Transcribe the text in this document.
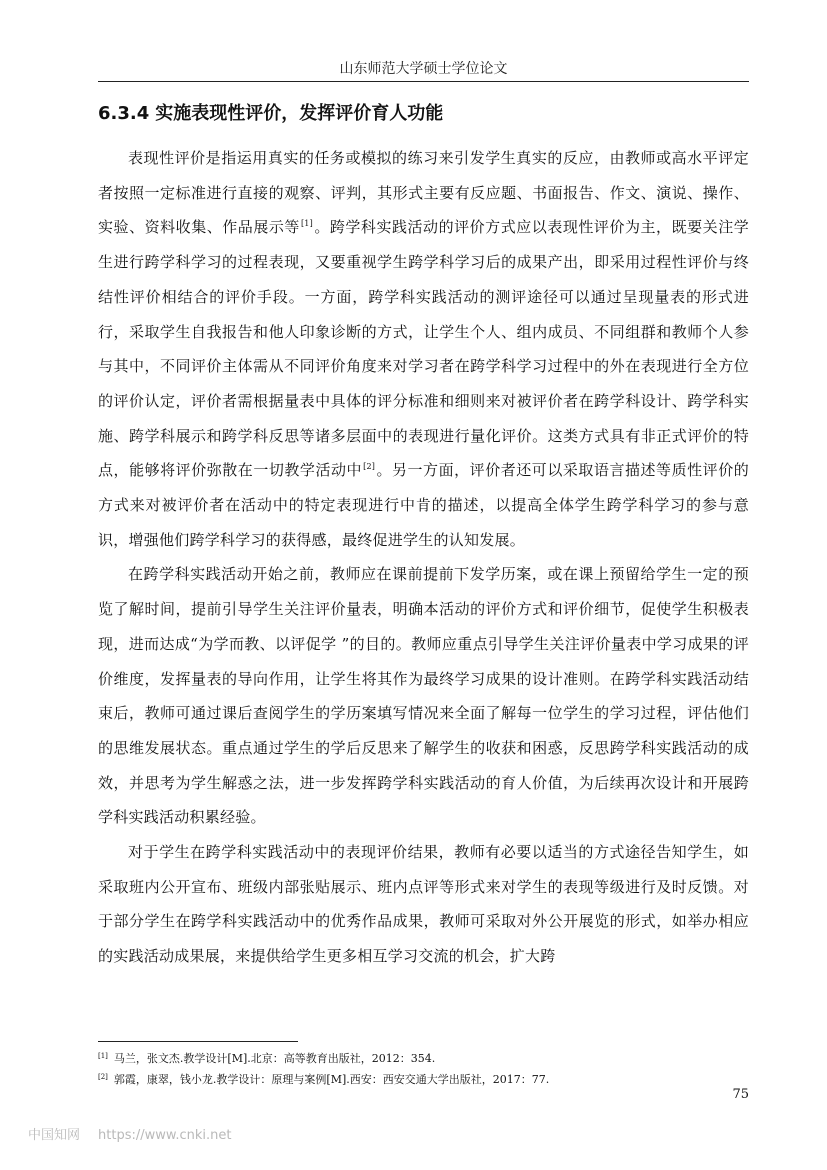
山东师范大学硕士学位论文
6.3.4 实施表现性评价，发挥评价育人功能

表现性评价是指运用真实的任务或模拟的练习来引发学生真实的反应，由教师或高水平评定者按照一定标准进行直接的观察、评判，其形式主要有反应题、书面报告、作文、演说、操作、实验、资料收集、作品展示等[1]。跨学科实践活动的评价方式应以表现性评价为主，既要关注学生进行跨学科学习的过程表现，又要重视学生跨学科学习后的成果产出，即采用过程性评价与终结性评价相结合的评价手段。一方面，跨学科实践活动的测评途径可以通过呈现量表的形式进行，采取学生自我报告和他人印象诊断的方式，让学生个人、组内成员、不同组群和教师个人参与其中，不同评价主体需从不同评价角度来对学习者在跨学科学习过程中的外在表现进行全方位的评价认定，评价者需根据量表中具体的评分标准和细则来对被评价者在跨学科设计、跨学科实施、跨学科展示和跨学科反思等诸多层面中的表现进行量化评价。这类方式具有非正式评价的特点，能够将评价弥散在一切教学活动中[2]。另一方面，评价者还可以采取语言描述等质性评价的方式来对被评价者在活动中的特定表现进行中肯的描述，以提高全体学生跨学科学习的参与意识，增强他们跨学科学习的获得感，最终促进学生的认知发展。

在跨学科实践活动开始之前，教师应在课前提前下发学历案，或在课上预留给学生一定的预览了解时间，提前引导学生关注评价量表，明确本活动的评价方式和评价细节，促使学生积极表现，进而达成“为学而教、以评促学 ”的目的。教师应重点引导学生关注评价量表中学习成果的评价维度，发挥量表的导向作用，让学生将其作为最终学习成果的设计准则。在跨学科实践活动结束后，教师可通过课后查阅学生的学历案填写情况来全面了解每一位学生的学习过程，评估他们的思维发展状态。重点通过学生的学后反思来了解学生的收获和困惑，反思跨学科实践活动的成效，并思考为学生解惑之法，进一步发挥跨学科实践活动的育人价值，为后续再次设计和开展跨学科实践活动积累经验。

对于学生在跨学科实践活动中的表现评价结果，教师有必要以适当的方式途径告知学生，如采取班内公开宣布、班级内部张贴展示、班内点评等形式来对学生的表现等级进行及时反馈。对于部分学生在跨学科实践活动中的优秀作品成果，教师可采取对外公开展览的形式，如举办相应的实践活动成果展，来提供给学生更多相互学习交流的机会，扩大跨

[1] 马兰，张文杰.教学设计[M].北京：高等教育出版社，2012：354.
[2] 郭霞，康翠，钱小龙.教学设计：原理与案例[M].西安：西安交通大学出版社，2017：77.
75
中国知网 https://www.cnki.net
